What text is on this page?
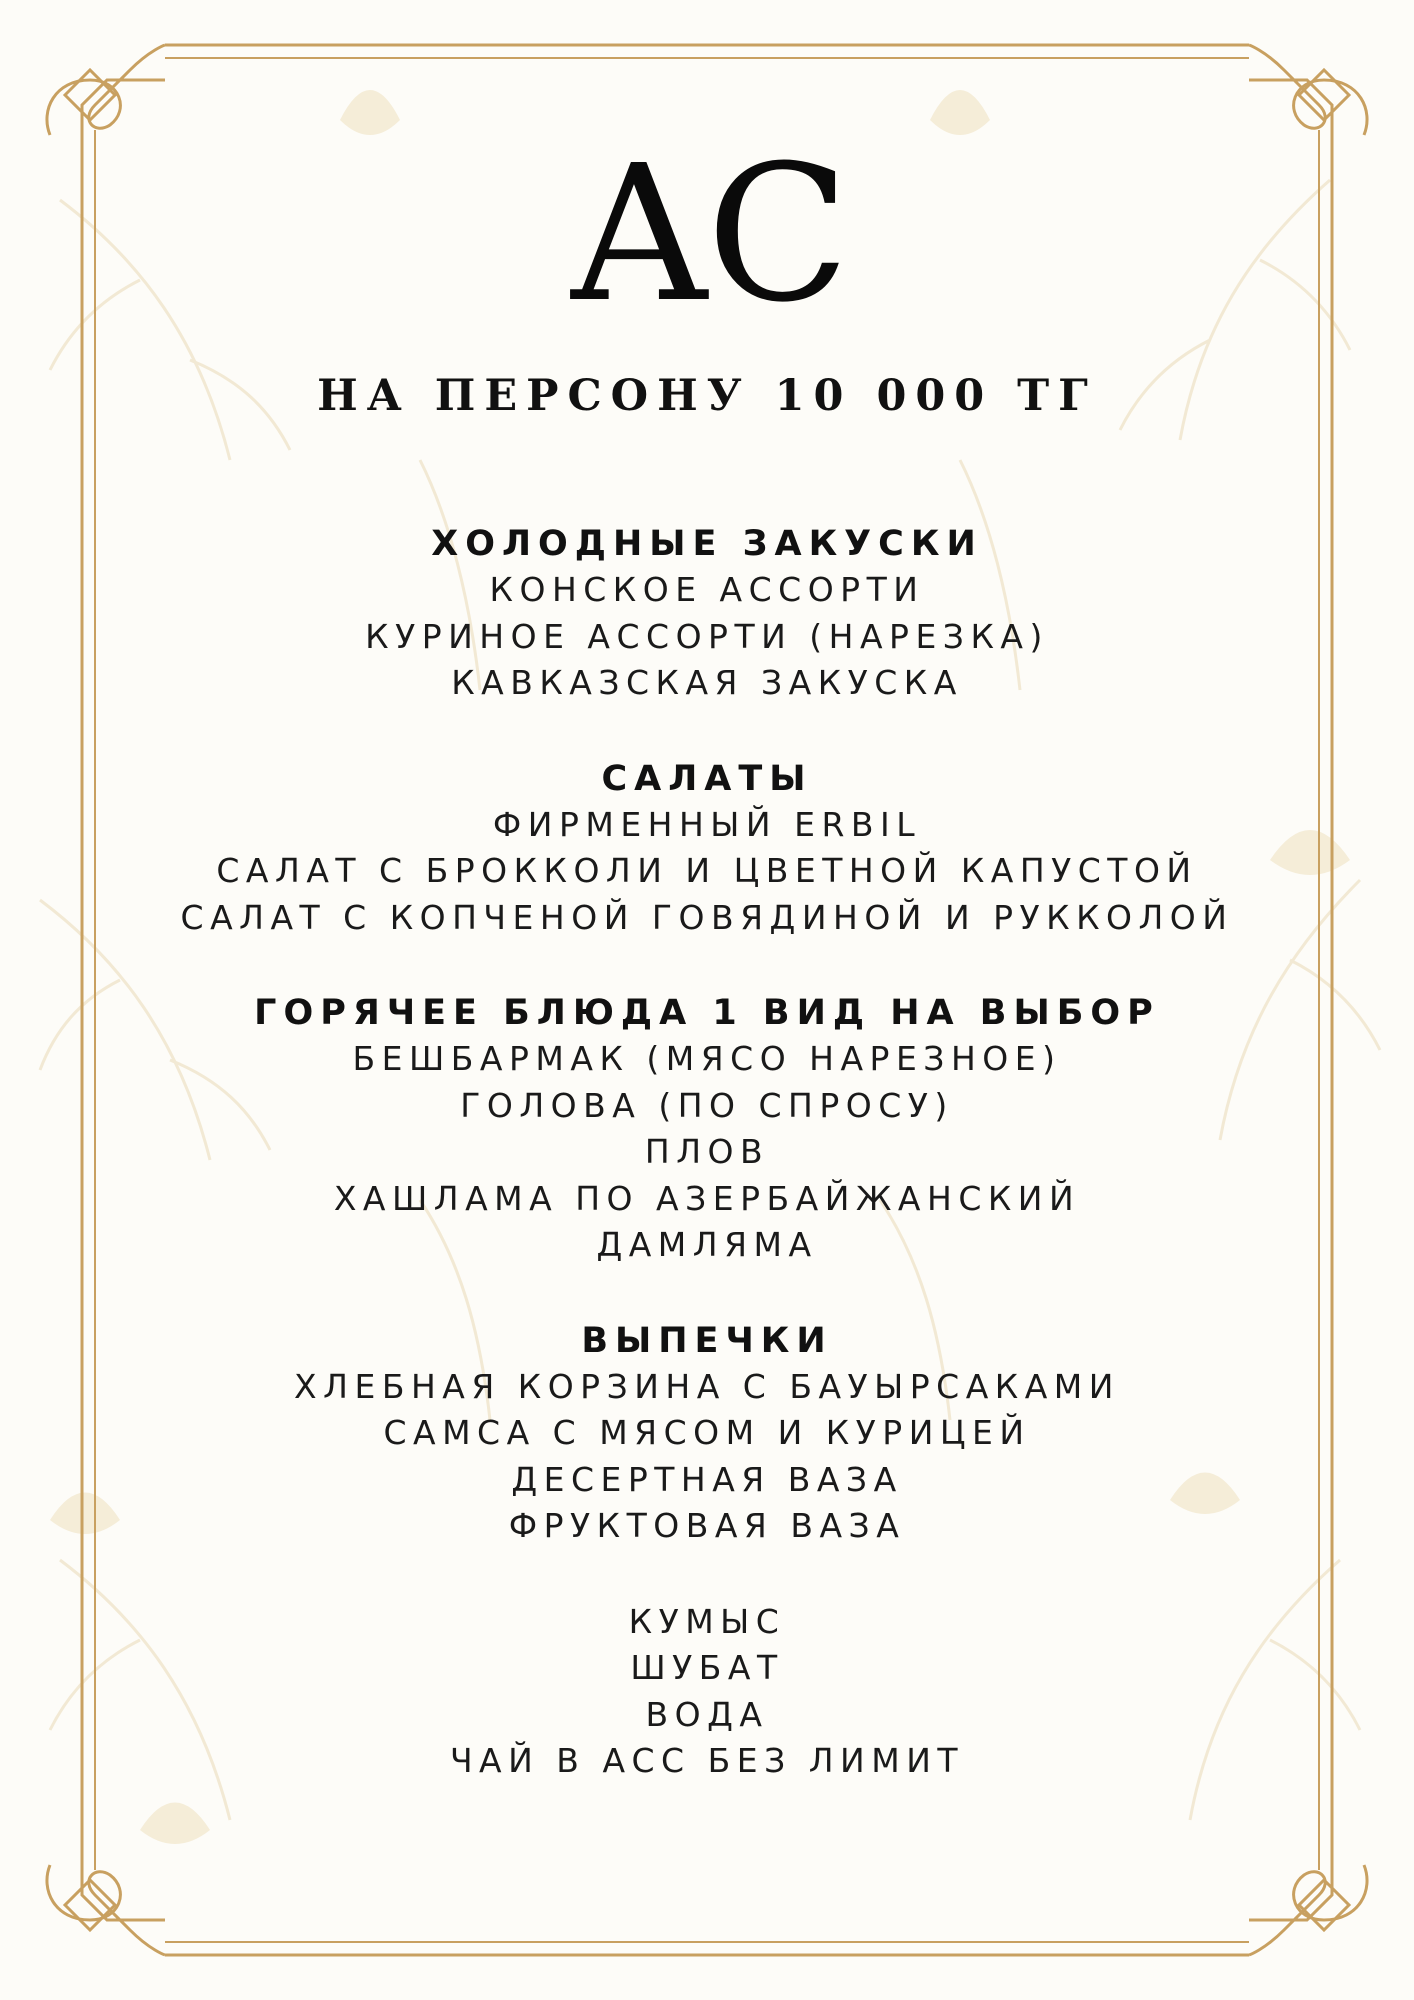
АС
НА ПЕРСОНУ 10 000 ТГ
ХОЛОДНЫЕ ЗАКУСКИ
КОНСКОЕ АССОРТИ
КУРИНОЕ АССОРТИ (НАРЕЗКА)
КАВКАЗСКАЯ ЗАКУСКА
САЛАТЫ
ФИРМЕННЫЙ ERBIL
САЛАТ С БРОККОЛИ И ЦВЕТНОЙ КАПУСТОЙ
САЛАТ С КОПЧЕНОЙ ГОВЯДИНОЙ И РУККОЛОЙ
ГОРЯЧЕЕ БЛЮДА 1 ВИД НА ВЫБОР
БЕШБАРМАК (МЯСО НАРЕЗНОЕ)
ГОЛОВА (ПО СПРОСУ)
ПЛОВ
ХАШЛАМА ПО АЗЕРБАЙЖАНСКИЙ
ДАМЛЯМА
ВЫПЕЧКИ
ХЛЕБНАЯ КОРЗИНА С БАУЫРСАКАМИ
САМСА С МЯСОМ И КУРИЦЕЙ
ДЕСЕРТНАЯ ВАЗА
ФРУКТОВАЯ ВАЗА
КУМЫС
ШУБАТ
ВОДА
ЧАЙ В АСС БЕЗ ЛИМИТ
